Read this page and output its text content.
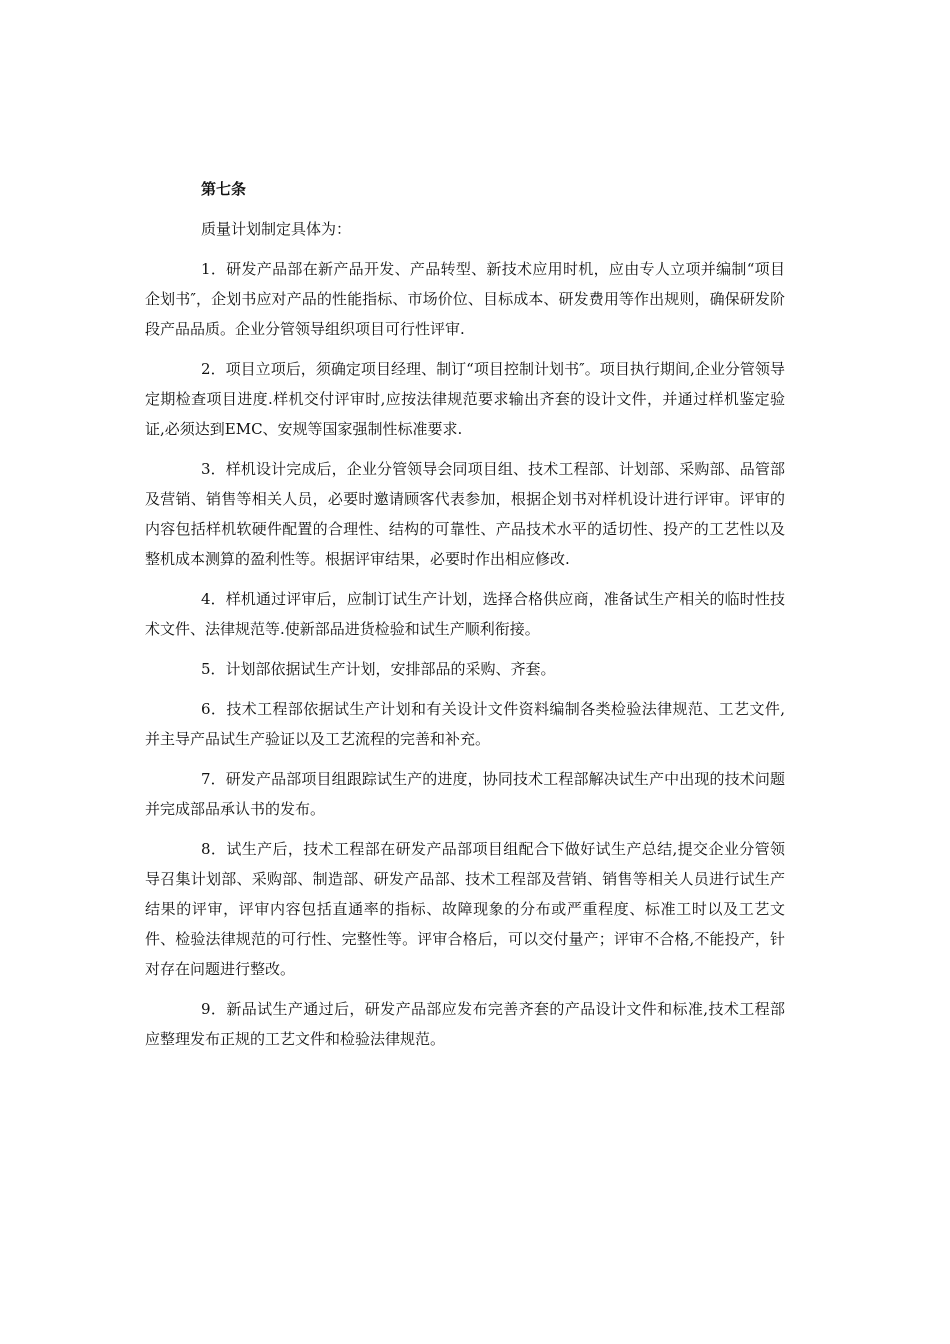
第七条

质量计划制定具体为：

1．研发产品部在新产品开发、产品转型、新技术应用时机，应由专人立项并编制“项目企划书″，企划书应对产品的性能指标、市场价位、目标成本、研发费用等作出规则，确保研发阶段产品品质。企业分管领导组织项目可行性评审.

2．项目立项后，须确定项目经理、制订“项目控制计划书″。项目执行期间,企业分管领导定期检查项目进度.样机交付评审时,应按法律规范要求输出齐套的设计文件，并通过样机鉴定验证,必须达到EMC、安规等国家强制性标准要求.

3．样机设计完成后，企业分管领导会同项目组、技术工程部、计划部、采购部、品管部及营销、销售等相关人员，必要时邀请顾客代表参加，根据企划书对样机设计进行评审。评审的内容包括样机软硬件配置的合理性、结构的可靠性、产品技术水平的适切性、投产的工艺性以及整机成本测算的盈利性等。根据评审结果，必要时作出相应修改.

4．样机通过评审后，应制订试生产计划，选择合格供应商，准备试生产相关的临时性技术文件、法律规范等.使新部品进货检验和试生产顺利衔接。

5．计划部依据试生产计划，安排部品的采购、齐套。

6．技术工程部依据试生产计划和有关设计文件资料编制各类检验法律规范、工艺文件,并主导产品试生产验证以及工艺流程的完善和补充。

7．研发产品部项目组跟踪试生产的进度，协同技术工程部解决试生产中出现的技术问题并完成部品承认书的发布。

8．试生产后，技术工程部在研发产品部项目组配合下做好试生产总结,提交企业分管领导召集计划部、采购部、制造部、研发产品部、技术工程部及营销、销售等相关人员进行试生产结果的评审，评审内容包括直通率的指标、故障现象的分布或严重程度、标准工时以及工艺文件、检验法律规范的可行性、完整性等。评审合格后，可以交付量产；评审不合格,不能投产，针对存在问题进行整改。

9．新品试生产通过后，研发产品部应发布完善齐套的产品设计文件和标准,技术工程部应整理发布正规的工艺文件和检验法律规范。
